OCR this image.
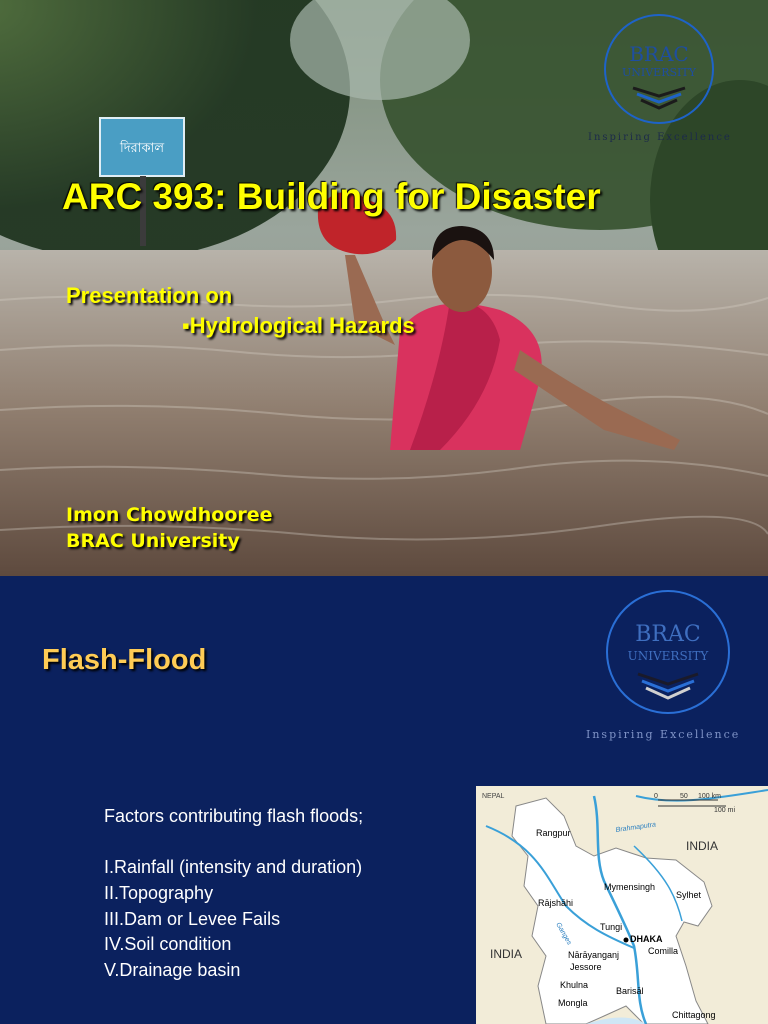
দিরাকাল
BRAC
UNIVERSITY
Inspiring Excellence
ARC 393: Building for Disaster
Presentation on
▪Hydrological Hazards
Imon Chowdhooree
BRAC University
BRAC
UNIVERSITY
Inspiring Excellence
Flash-Flood
Factors contributing flash floods;
I.Rainfall (intensity and duration)
II.Topography
III.Dam or Levee Fails
IV.Soil condition
V.Drainage basin
0	50 100 km
100 mi
NEPAL
INDIA
INDIA
Rangpur	Brahmaputra
Mymensingh
Sylhet
Rājshāhi
Tungi
Ganges	DHAKA
Nārāyanganj	Comilla
Jessore
Khulna
Barisāl
Mongla
Chittagong
